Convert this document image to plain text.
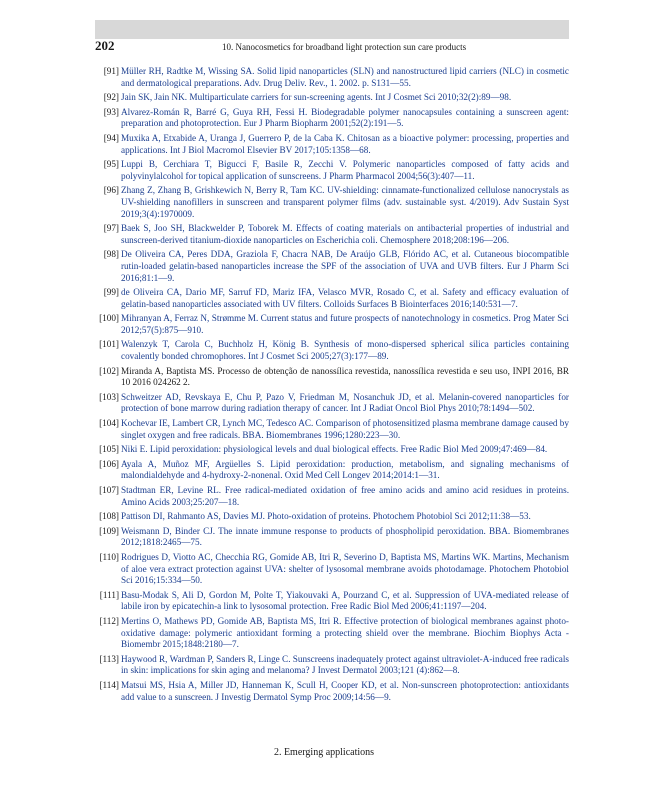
202	10. Nanocosmetics for broadband light protection sun care products
[91] Müller RH, Radtke M, Wissing SA. Solid lipid nanoparticles (SLN) and nanostructured lipid carriers (NLC) in cosmetic and dermatological preparations. Adv. Drug Deliv. Rev., 1. 2002. p. S131—55.
[92] Jain SK, Jain NK. Multiparticulate carriers for sun-screening agents. Int J Cosmet Sci 2010;32(2):89—98.
[93] Alvarez-Román R, Barré G, Guya RH, Fessi H. Biodegradable polymer nanocapsules containing a sunscreen agent: preparation and photoprotection. Eur J Pharm Biopharm 2001;52(2):191—5.
[94] Muxika A, Etxabide A, Uranga J, Guerrero P, de la Caba K. Chitosan as a bioactive polymer: processing, properties and applications. Int J Biol Macromol Elsevier BV 2017;105:1358—68.
[95] Luppi B, Cerchiara T, Bigucci F, Basile R, Zecchi V. Polymeric nanoparticles composed of fatty acids and polyvinylalcohol for topical application of sunscreens. J Pharm Pharmacol 2004;56(3):407—11.
[96] Zhang Z, Zhang B, Grishkewich N, Berry R, Tam KC. UV-shielding: cinnamate-functionalized cellulose nanocrystals as UV-shielding nanofillers in sunscreen and transparent polymer films (adv. sustainable syst. 4/2019). Adv Sustain Syst 2019;3(4):1970009.
[97] Baek S, Joo SH, Blackwelder P, Toborek M. Effects of coating materials on antibacterial properties of industrial and sunscreen-derived titanium-dioxide nanoparticles on Escherichia coli. Chemosphere 2018;208:196—206.
[98] De Oliveira CA, Peres DDA, Graziola F, Chacra NAB, De Araújo GLB, Flórido AC, et al. Cutaneous biocompatible rutin-loaded gelatin-based nanoparticles increase the SPF of the association of UVA and UVB filters. Eur J Pharm Sci 2016;81:1—9.
[99] de Oliveira CA, Dario MF, Sarruf FD, Mariz IFA, Velasco MVR, Rosado C, et al. Safety and efficacy evaluation of gelatin-based nanoparticles associated with UV filters. Colloids Surfaces B Biointerfaces 2016;140:531—7.
[100] Mihranyan A, Ferraz N, Strømme M. Current status and future prospects of nanotechnology in cosmetics. Prog Mater Sci 2012;57(5):875—910.
[101] Walenzyk T, Carola C, Buchholz H, König B. Synthesis of mono-dispersed spherical silica particles containing covalently bonded chromophores. Int J Cosmet Sci 2005;27(3):177—89.
[102] Miranda A, Baptista MS. Processo de obtenção de nanossílica revestida, nanossílica revestida e seu uso, INPI 2016, BR 10 2016 024262 2.
[103] Schweitzer AD, Revskaya E, Chu P, Pazo V, Friedman M, Nosanchuk JD, et al. Melanin-covered nanoparticles for protection of bone marrow during radiation therapy of cancer. Int J Radiat Oncol Biol Phys 2010;78:1494—502.
[104] Kochevar IE, Lambert CR, Lynch MC, Tedesco AC. Comparison of photosensitized plasma membrane damage caused by singlet oxygen and free radicals. BBA. Biomembranes 1996;1280:223—30.
[105] Niki E. Lipid peroxidation: physiological levels and dual biological effects. Free Radic Biol Med 2009;47:469—84.
[106] Ayala A, Muñoz MF, Argüelles S. Lipid peroxidation: production, metabolism, and signaling mechanisms of malondialdehyde and 4-hydroxy-2-nonenal. Oxid Med Cell Longev 2014;2014:1—31.
[107] Stadtman ER, Levine RL. Free radical-mediated oxidation of free amino acids and amino acid residues in proteins. Amino Acids 2003;25:207—18.
[108] Pattison DI, Rahmanto AS, Davies MJ. Photo-oxidation of proteins. Photochem Photobiol Sci 2012;11:38—53.
[109] Weismann D, Binder CJ. The innate immune response to products of phospholipid peroxidation. BBA. Biomembranes 2012;1818:2465—75.
[110] Rodrigues D, Viotto AC, Checchia RG, Gomide AB, Itri R, Severino D, Baptista MS, Martins WK. Martins, Mechanism of aloe vera extract protection against UVA: shelter of lysosomal membrane avoids photodamage. Photochem Photobiol Sci 2016;15:334—50.
[111] Basu-Modak S, Ali D, Gordon M, Polte T, Yiakouvaki A, Pourzand C, et al. Suppression of UVA-mediated release of labile iron by epicatechin-a link to lysosomal protection. Free Radic Biol Med 2006;41:1197—204.
[112] Mertins O, Mathews PD, Gomide AB, Baptista MS, Itri R. Effective protection of biological membranes against photo-oxidative damage: polymeric antioxidant forming a protecting shield over the membrane. Biochim Biophys Acta - Biomembr 2015;1848:2180—7.
[113] Haywood R, Wardman P, Sanders R, Linge C. Sunscreens inadequately protect against ultraviolet-A-induced free radicals in skin: implications for skin aging and melanoma? J Invest Dermatol 2003;121 (4):862—8.
[114] Matsui MS, Hsia A, Miller JD, Hanneman K, Scull H, Cooper KD, et al. Non-sunscreen photoprotection: antioxidants add value to a sunscreen. J Investig Dermatol Symp Proc 2009;14:56—9.
2. Emerging applications
